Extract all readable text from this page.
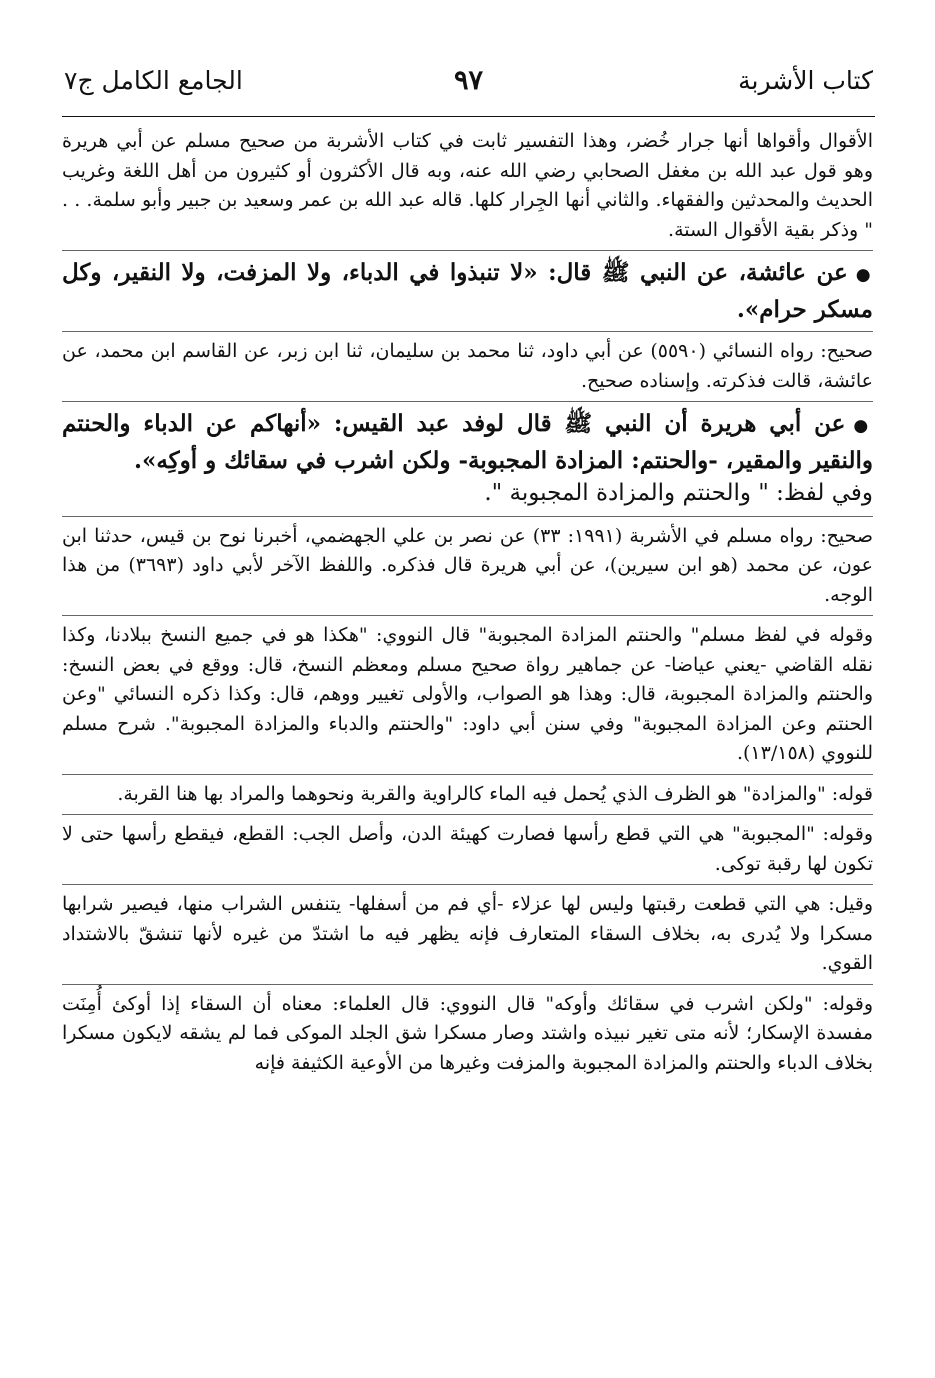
كتاب الأشربة
٩٧
الجامع الكامل ج٧

الأقوال وأقواها أنها جرار خُضر، وهذا التفسير ثابت في كتاب الأشربة من صحيح مسلم عن أبي هريرة وهو قول عبد الله بن مغفل الصحابي رضي الله عنه، وبه قال الأكثرون أو كثيرون من أهل اللغة وغريب الحديث والمحدثين والفقهاء. والثاني أنها الجِرار كلها. قاله عبد الله بن عمر وسعيد بن جبير وأبو سلمة. . . " وذكر بقية الأقوال الستة.

● عن عائشة، عن النبي ﷺ قال: «لا تنبذوا في الدباء، ولا المزفت، ولا النقير، وكل مسكر حرام».

صحيح: رواه النسائي (٥٥٩٠) عن أبي داود، ثنا محمد بن سليمان، ثنا ابن زبر، عن القاسم ابن محمد، عن عائشة، قالت فذكرته. وإسناده صحيح.

● عن أبي هريرة أن النبي ﷺ قال لوفد عبد القيس: «أنهاكم عن الدباء والحنتم والنقير والمقير، -والحنتم: المزادة المجبوبة- ولكن اشرب في سقائك و أوكِه».

وفي لفظ: " والحنتم والمزادة المجبوبة ".

صحيح: رواه مسلم في الأشربة (١٩٩١: ٣٣) عن نصر بن علي الجهضمي، أخبرنا نوح بن قيس، حدثنا ابن عون، عن محمد (هو ابن سيرين)، عن أبي هريرة قال فذكره. واللفظ الآخر لأبي داود (٣٦٩٣) من هذا الوجه.

وقوله في لفظ مسلم" والحنتم المزادة المجبوبة" قال النووي: "هكذا هو في جميع النسخ ببلادنا، وكذا نقله القاضي -يعني عياضا- عن جماهير رواة صحيح مسلم ومعظم النسخ، قال: ووقع في بعض النسخ: والحنتم والمزادة المجبوبة، قال: وهذا هو الصواب، والأولى تغيير ووهم، قال: وكذا ذكره النسائي "وعن الحنتم وعن المزادة المجبوبة" وفي سنن أبي داود: "والحنتم والدباء والمزادة المجبوبة". شرح مسلم للنووي (١٣/١٥٨).

قوله: "والمزادة" هو الظرف الذي يُحمل فيه الماء كالراوية والقربة ونحوهما والمراد بها هنا القربة.

وقوله: "المجبوبة" هي التي قطع رأسها فصارت كهيئة الدن، وأصل الجب: القطع، فيقطع رأسها حتى لا تكون لها رقبة توكى.

وقيل: هي التي قطعت رقبتها وليس لها عزلاء -أي فم من أسفلها- يتنفس الشراب منها، فيصير شرابها مسكرا ولا يُدرى به، بخلاف السقاء المتعارف فإنه يظهر فيه ما اشتدّ من غيره لأنها تنشقّ بالاشتداد القوي.

وقوله: "ولكن اشرب في سقائك وأوكه" قال النووي: قال العلماء: معناه أن السقاء إذا أوكئ أُمِنَت مفسدة الإسكار؛ لأنه متى تغير نبيذه واشتد وصار مسكرا شق الجلد الموكى فما لم يشقه لايكون مسكرا بخلاف الدباء والحنتم والمزادة المجبوبة والمزفت وغيرها من الأوعية الكثيفة فإنه
